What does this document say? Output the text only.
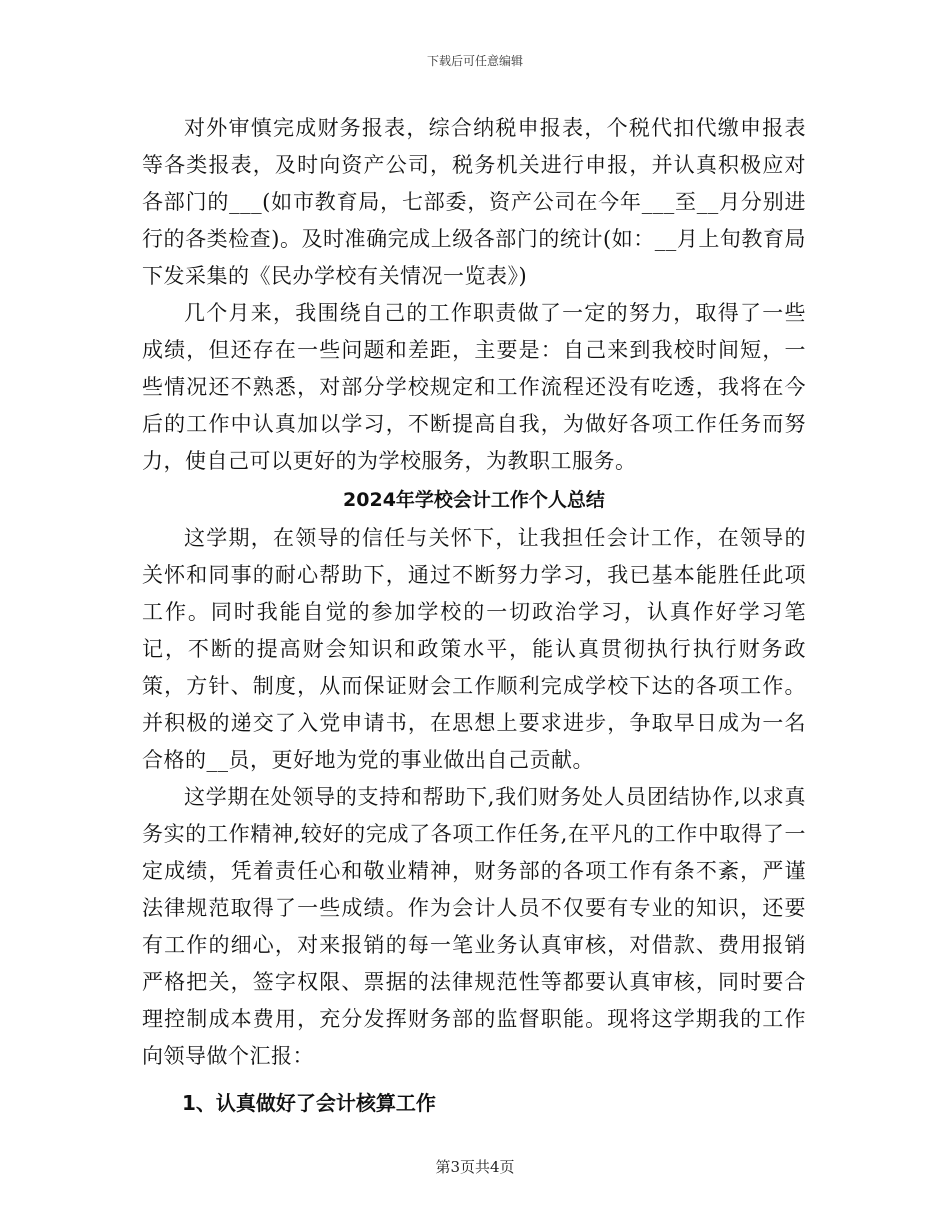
下载后可任意编辑

对外审慎完成财务报表，综合纳税申报表，个税代扣代缴申报表等各类报表，及时向资产公司，税务机关进行申报，并认真积极应对各部门的___(如市教育局，七部委，资产公司在今年___至__月分别进行的各类检查)。及时准确完成上级各部门的统计(如：__月上旬教育局下发采集的《民办学校有关情况一览表》)

几个月来，我围绕自己的工作职责做了一定的努力，取得了一些成绩，但还存在一些问题和差距，主要是：自己来到我校时间短，一些情况还不熟悉，对部分学校规定和工作流程还没有吃透，我将在今后的工作中认真加以学习，不断提高自我，为做好各项工作任务而努力，使自己可以更好的为学校服务，为教职工服务。

2024年学校会计工作个人总结

这学期，在领导的信任与关怀下，让我担任会计工作，在领导的关怀和同事的耐心帮助下，通过不断努力学习，我已基本能胜任此项工作。同时我能自觉的参加学校的一切政治学习，认真作好学习笔记，不断的提高财会知识和政策水平，能认真贯彻执行执行财务政策，方针、制度，从而保证财会工作顺利完成学校下达的各项工作。并积极的递交了入党申请书，在思想上要求进步，争取早日成为一名合格的__员，更好地为党的事业做出自己贡献。

这学期在处领导的支持和帮助下,我们财务处人员团结协作,以求真务实的工作精神,较好的完成了各项工作任务,在平凡的工作中取得了一定成绩，凭着责任心和敬业精神，财务部的各项工作有条不紊，严谨法律规范取得了一些成绩。作为会计人员不仅要有专业的知识，还要有工作的细心，对来报销的每一笔业务认真审核，对借款、费用报销严格把关，签字权限、票据的法律规范性等都要认真审核，同时要合理控制成本费用，充分发挥财务部的监督职能。现将这学期我的工作向领导做个汇报：

1、认真做好了会计核算工作
第3页共4页
